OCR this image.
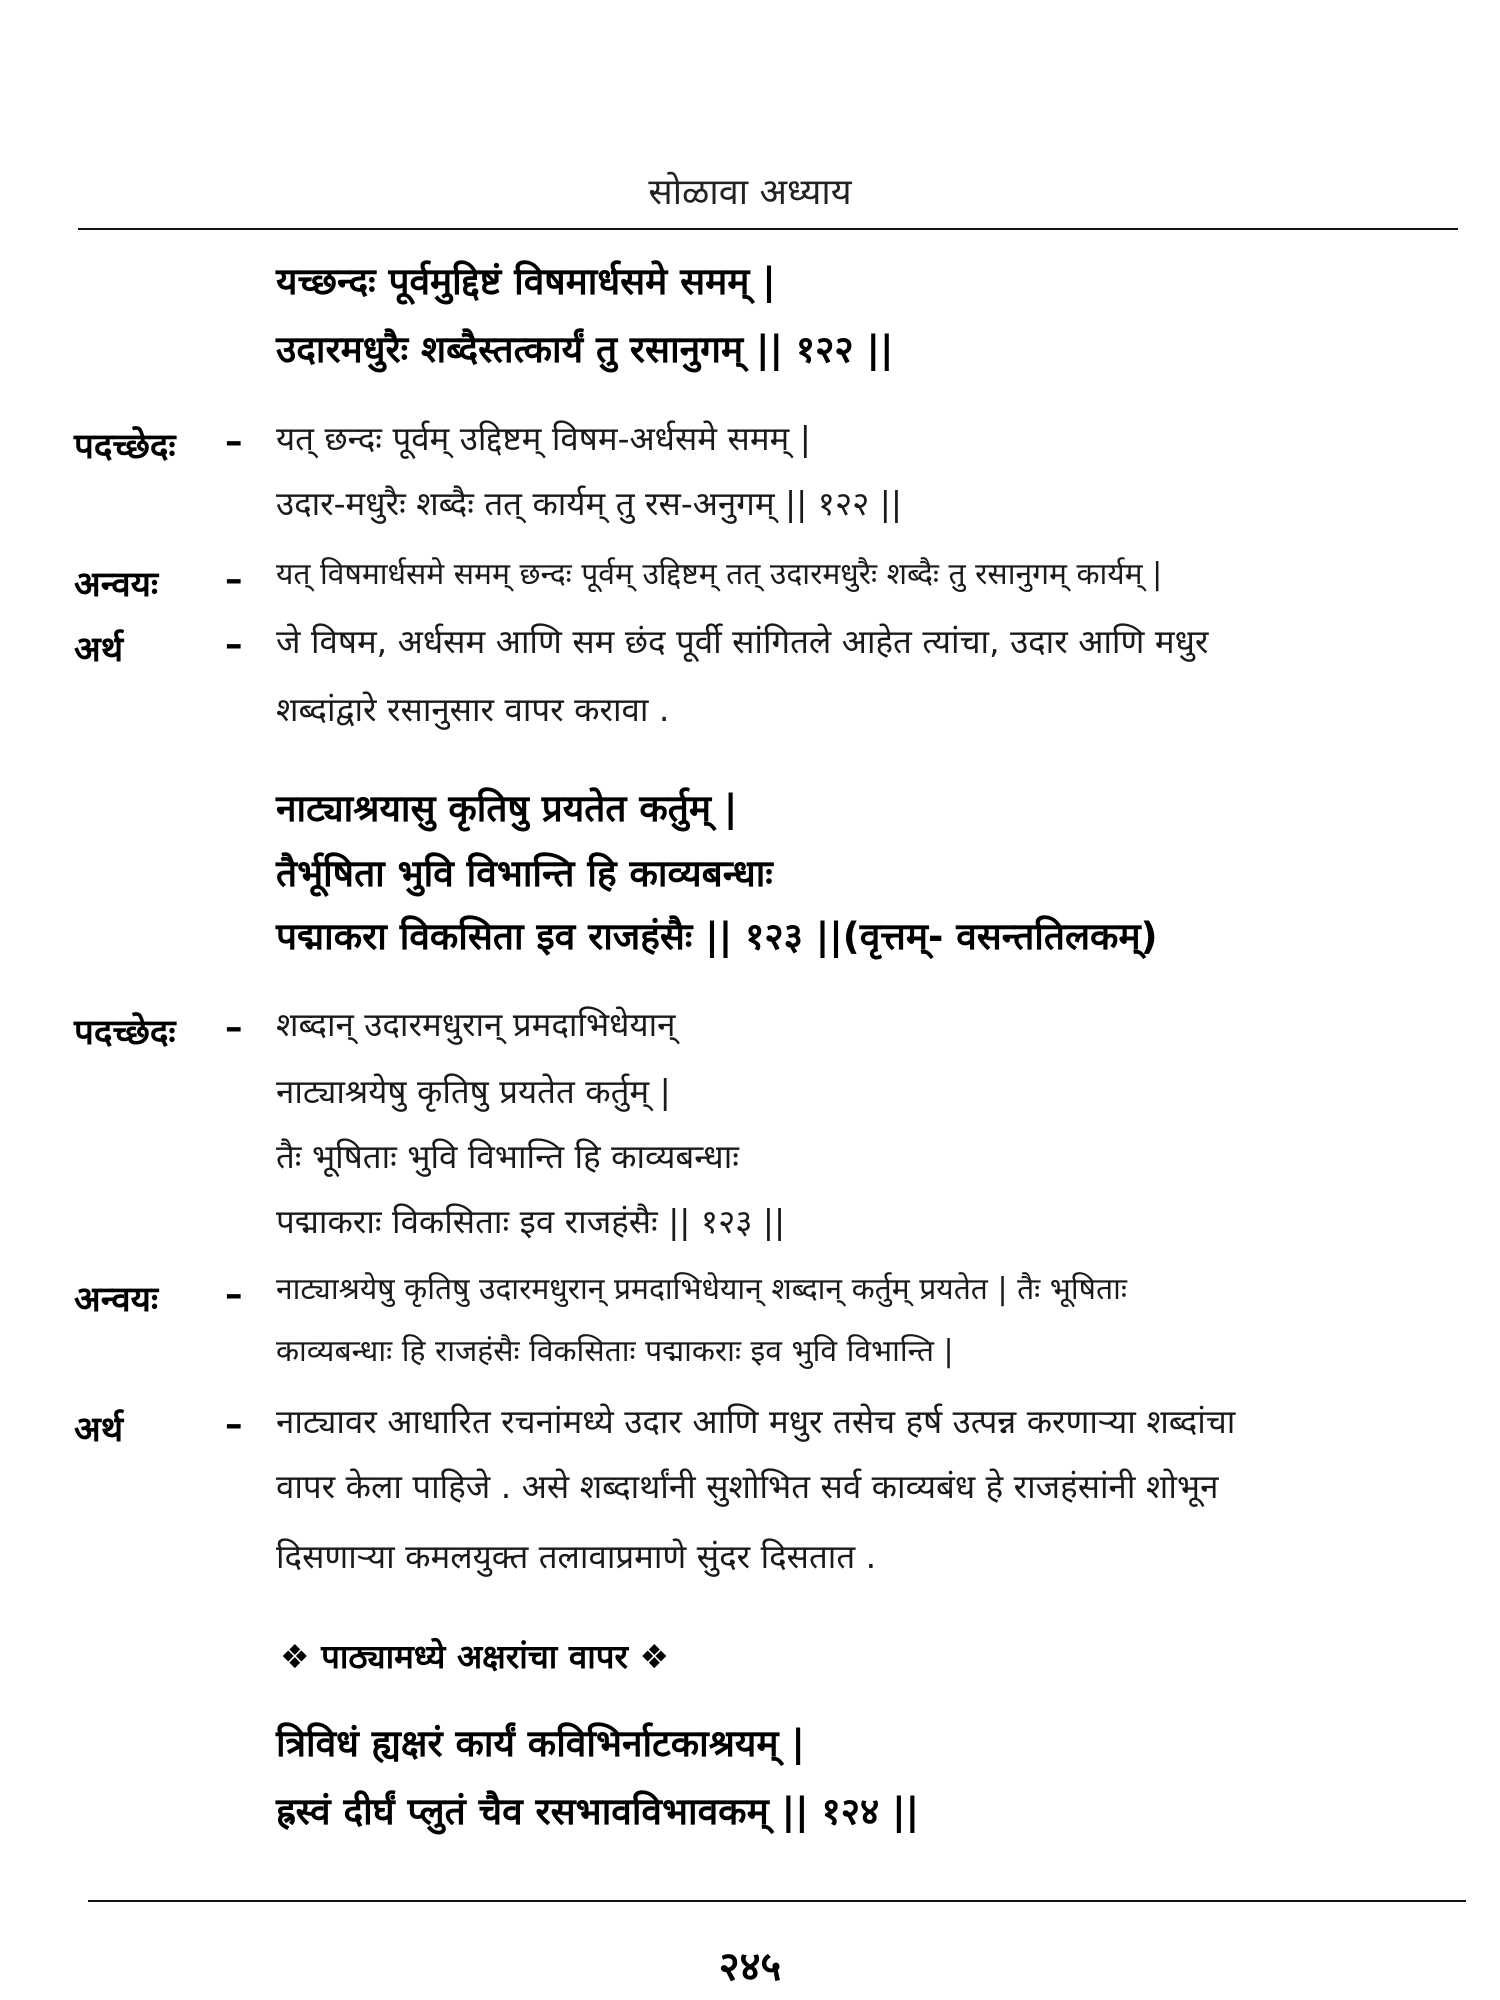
सोळावा अध्याय
यच्छन्दः पूर्वमुद्दिष्टं विषमार्धसमे समम् |
उदारमधुरैः शब्दैस्तत्कार्यं तु रसानुगम् || १२२ ||
पदच्छेदः – यत् छन्दः पूर्वम् उद्दिष्टम् विषम-अर्धसमे समम् |
उदार-मधुरैः शब्दैः तत् कार्यम् तु रस-अनुगम् || १२२ ||
अन्वयः – यत् विषमार्धसमे समम् छन्दः पूर्वम् उद्दिष्टम् तत् उदारमधुरैः शब्दैः तु रसानुगम् कार्यम् |
अर्थ	– जे विषम, अर्धसम आणि सम छंद पूर्वी सांगितले आहेत त्यांचा, उदार आणि मधुर
शब्दांद्वारे रसानुसार वापर करावा .
नाट्याश्रयासु कृतिषु प्रयतेत कर्तुम् |
तैर्भूषिता भुवि विभान्ति हि काव्यबन्धाः
पद्माकरा विकसिता इव राजहंसैः || १२३ ||(वृत्तम्- वसन्ततिलकम्)
पदच्छेदः – शब्दान् उदारमधुरान् प्रमदाभिधेयान्
नाट्याश्रयेषु कृतिषु प्रयतेत कर्तुम् |
तैः भूषिताः भुवि विभान्ति हि काव्यबन्धाः
पद्माकराः विकसिताः इव राजहंसैः || १२३ ||
अन्वयः – नाट्याश्रयेषु कृतिषु उदारमधुरान् प्रमदाभिधेयान् शब्दान् कर्तुम् प्रयतेत | तैः भूषिताः
काव्यबन्धाः हि राजहंसैः विकसिताः पद्माकराः इव भुवि विभान्ति |
अर्थ	– नाट्यावर आधारित रचनांमध्ये उदार आणि मधुर तसेच हर्ष उत्पन्न करणाऱ्या शब्दांचा
वापर केला पाहिजे . असे शब्दार्थांनी सुशोभित सर्व काव्यबंध हे राजहंसांनी शोभून
दिसणाऱ्या कमलयुक्त तलावाप्रमाणे सुंदर दिसतात .
❖ पाठ्यामध्ये अक्षरांचा वापर ❖
त्रिविधं ह्यक्षरं कार्यं कविभिर्नाटकाश्रयम् |
ह्रस्वं दीर्घं प्लुतं चैव रसभावविभावकम् || १२४ ||
२४५
